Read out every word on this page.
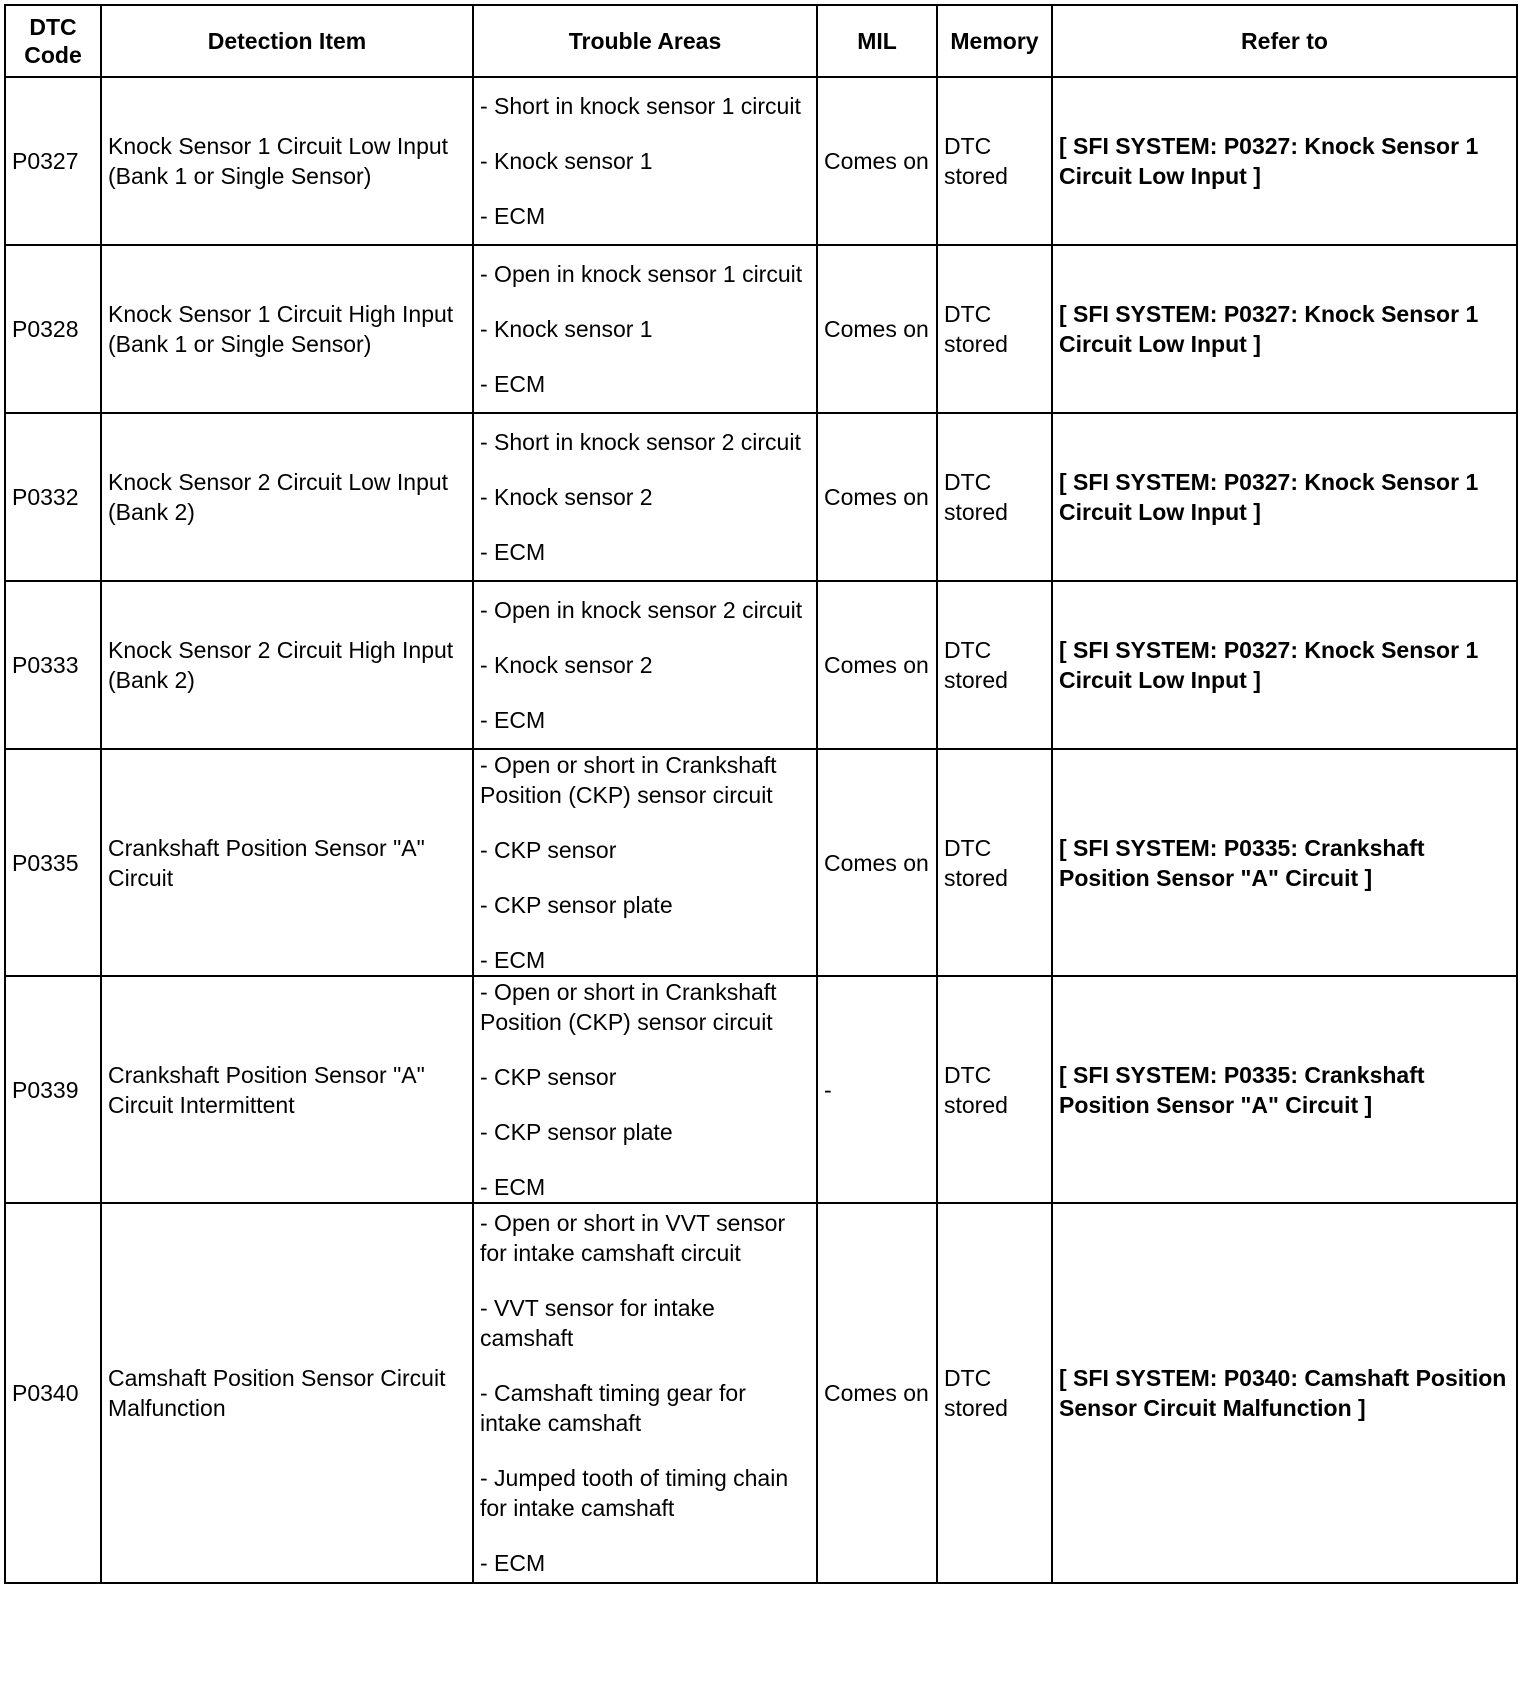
DTC
Code	Detection Item	Trouble Areas	MIL	Memory	Refer to
P0327	Knock Sensor 1 Circuit Low Input (Bank 1 or Single Sensor)	- Short in knock sensor 1 circuit
- Knock sensor 1
- ECM	Comes on	DTC stored	[ SFI SYSTEM: P0327: Knock Sensor 1 Circuit Low Input ]
P0328	Knock Sensor 1 Circuit High Input (Bank 1 or Single Sensor)	- Open in knock sensor 1 circuit
- Knock sensor 1
- ECM	Comes on	DTC stored	[ SFI SYSTEM: P0327: Knock Sensor 1 Circuit Low Input ]
P0332	Knock Sensor 2 Circuit Low Input (Bank 2)	- Short in knock sensor 2 circuit
- Knock sensor 2
- ECM	Comes on	DTC stored	[ SFI SYSTEM: P0327: Knock Sensor 1 Circuit Low Input ]
P0333	Knock Sensor 2 Circuit High Input (Bank 2)	- Open in knock sensor 2 circuit
- Knock sensor 2
- ECM	Comes on	DTC stored	[ SFI SYSTEM: P0327: Knock Sensor 1 Circuit Low Input ]
P0335	Crankshaft Position Sensor "A" Circuit	- Open or short in Crankshaft Position (CKP) sensor circuit
- CKP sensor
- CKP sensor plate
- ECM	Comes on	DTC stored	[ SFI SYSTEM: P0335: Crankshaft Position Sensor "A" Circuit ]
P0339	Crankshaft Position Sensor "A" Circuit Intermittent	- Open or short in Crankshaft Position (CKP) sensor circuit
- CKP sensor
- CKP sensor plate
- ECM	-	DTC stored	[ SFI SYSTEM: P0335: Crankshaft Position Sensor "A" Circuit ]
P0340	Camshaft Position Sensor Circuit Malfunction	- Open or short in VVT sensor for intake camshaft circuit
- VVT sensor for intake camshaft
- Camshaft timing gear for intake camshaft
- Jumped tooth of timing chain for intake camshaft
- ECM	Comes on	DTC stored	[ SFI SYSTEM: P0340: Camshaft Position Sensor Circuit Malfunction ]
